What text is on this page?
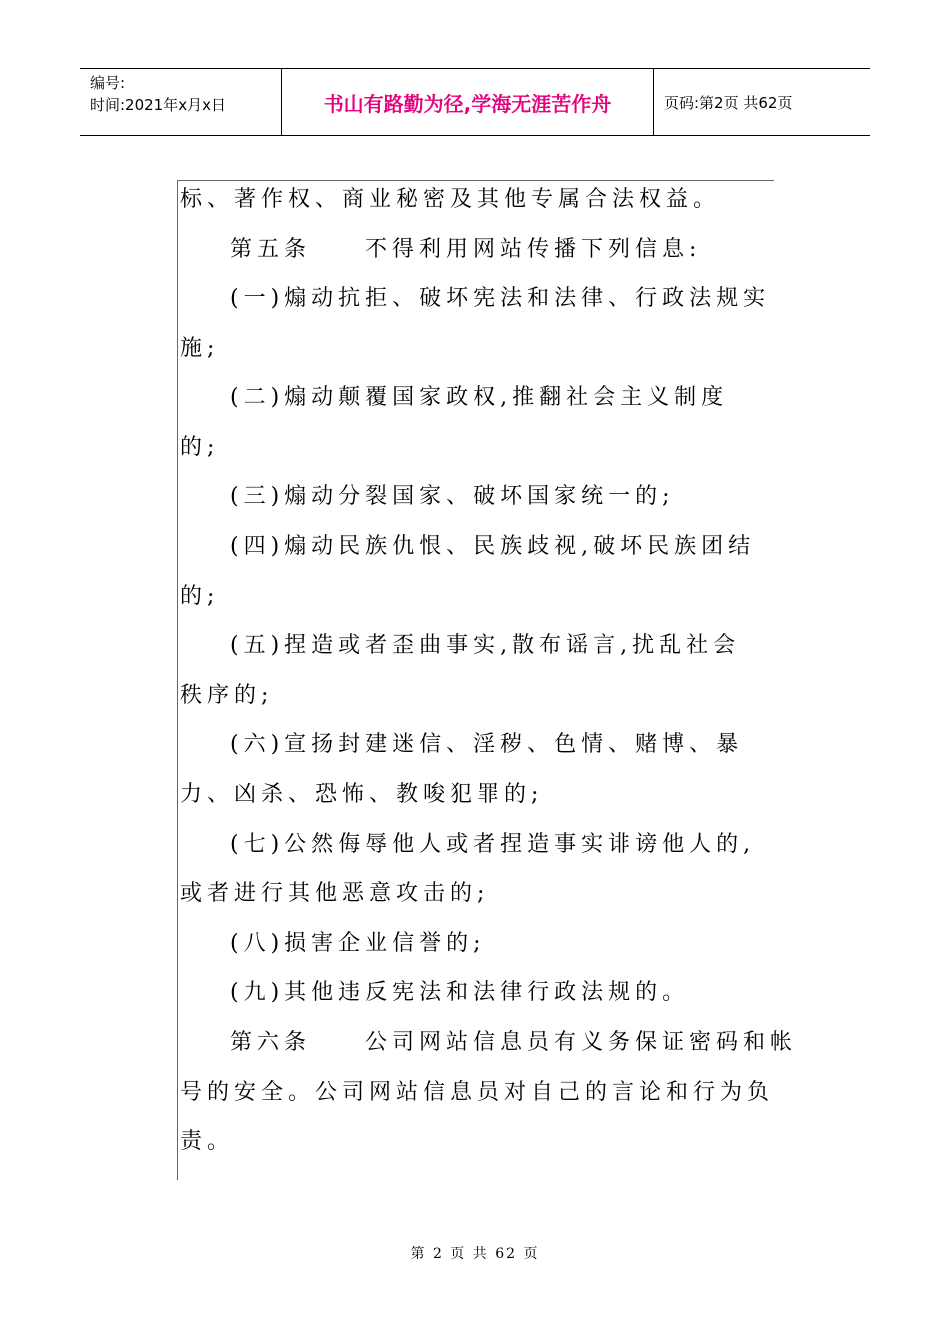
编号:
时间:2021年x月x日	书山有路勤为径,学海无涯苦作舟	页码:第2页 共62页
标、著作权、商业秘密及其他专属合法权益。
第五条　　不得利用网站传播下列信息:
(一)煽动抗拒、破坏宪法和法律、行政法规实
施;
(二)煽动颠覆国家政权,推翻社会主义制度
的;
(三)煽动分裂国家、破坏国家统一的;
(四)煽动民族仇恨、民族歧视,破坏民族团结
的;
(五)捏造或者歪曲事实,散布谣言,扰乱社会
秩序的;
(六)宣扬封建迷信、淫秽、色情、赌博、暴
力、凶杀、恐怖、教唆犯罪的;
(七)公然侮辱他人或者捏造事实诽谤他人的,
或者进行其他恶意攻击的;
(八)损害企业信誉的;
(九)其他违反宪法和法律行政法规的。
第六条　　公司网站信息员有义务保证密码和帐
号的安全。公司网站信息员对自己的言论和行为负
责。
第 2 页 共 62 页
